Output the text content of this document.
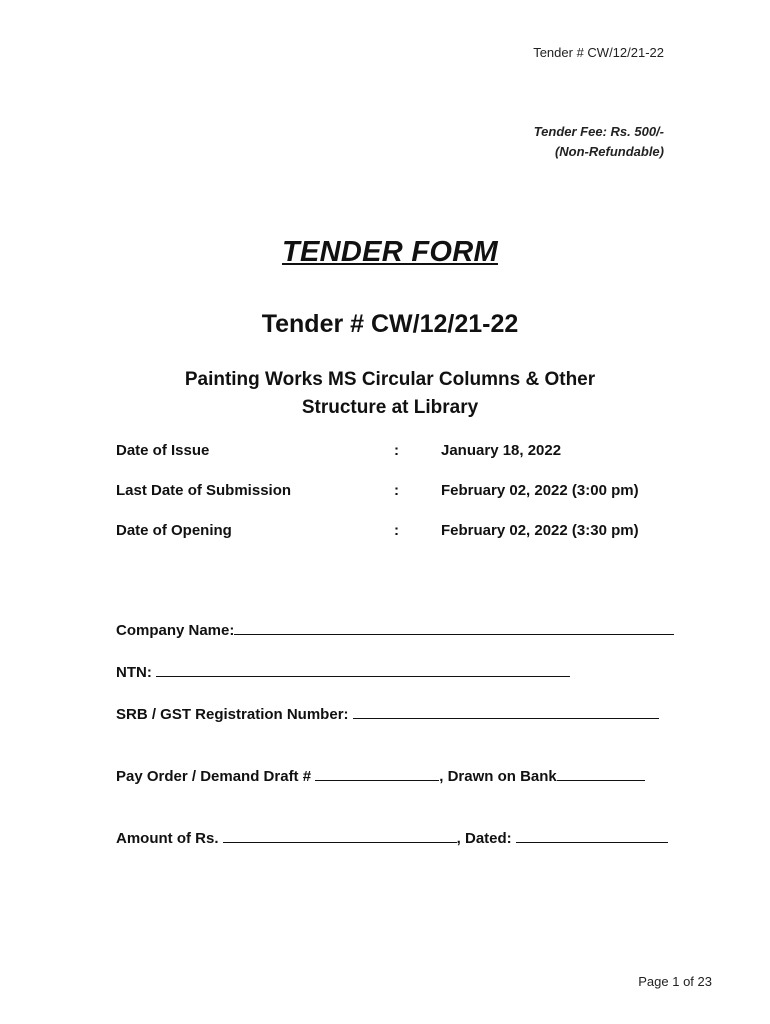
Tender # CW/12/21-22
Tender Fee: Rs. 500/-
(Non-Refundable)
TENDER FORM
Tender # CW/12/21-22
Painting Works MS Circular Columns & Other
Structure at Library
Date of Issue	:	January 18, 2022
Last Date of Submission	:	February 02, 2022 (3:00 pm)
Date of Opening	:	February 02, 2022 (3:30 pm)
Company Name:
NTN:
SRB / GST Registration Number:
Pay Order / Demand Draft #	, Drawn on Bank
Amount of Rs.	, Dated:
Page 1 of 23
